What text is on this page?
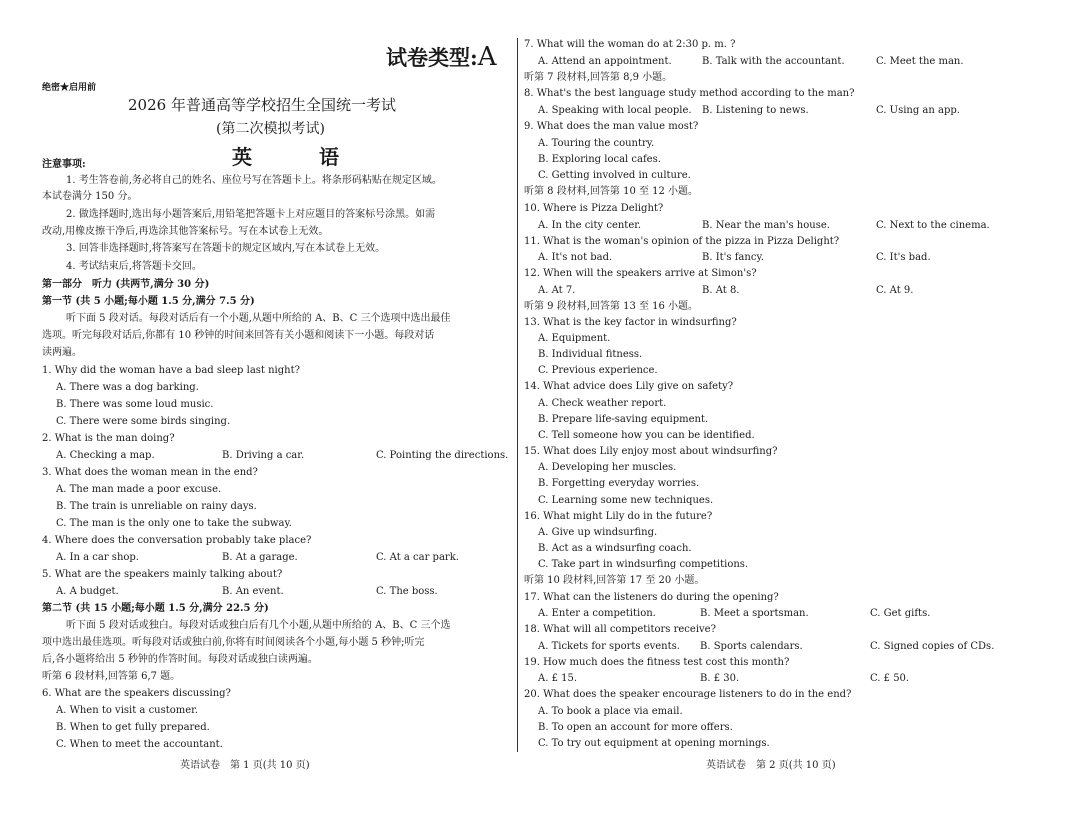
试卷类型:A
绝密★启用前
2026 年普通高等学校招生全国统一考试
(第二次模拟考试)
英 语
注意事项:
1. 考生答卷前,务必将自己的姓名、座位号写在答题卡上。将条形码粘贴在规定区域。
本试卷满分 150 分。
2. 做选择题时,选出每小题答案后,用铅笔把答题卡上对应题目的答案标号涂黑。如需
改动,用橡皮擦干净后,再选涂其他答案标号。写在本试卷上无效。
3. 回答非选择题时,将答案写在答题卡的规定区域内,写在本试卷上无效。
4. 考试结束后,将答题卡交回。
第一部分　听力 (共两节,满分 30 分)
第一节 (共 5 小题;每小题 1.5 分,满分 7.5 分)
听下面 5 段对话。每段对话后有一个小题,从题中所给的 A、B、C 三个选项中选出最佳
选项。听完每段对话后,你都有 10 秒钟的时间来回答有关小题和阅读下一小题。每段对话
读两遍。
1. Why did the woman have a bad sleep last night?
A. There was a dog barking.
B. There was some loud music.
C. There were some birds singing.
2. What is the man doing?
A. Checking a map.	B. Driving a car.	C. Pointing the directions.
3. What does the woman mean in the end?
A. The man made a poor excuse.
B. The train is unreliable on rainy days.
C. The man is the only one to take the subway.
4. Where does the conversation probably take place?
A. In a car shop.	B. At a garage.	C. At a car park.
5. What are the speakers mainly talking about?
A. A budget.	B. An event.	C. The boss.
第二节 (共 15 小题;每小题 1.5 分,满分 22.5 分)
听下面 5 段对话或独白。每段对话或独白后有几个小题,从题中所给的 A、B、C 三个选
项中选出最佳选项。听每段对话或独白前,你将有时间阅读各个小题,每小题 5 秒钟;听完
后,各小题将给出 5 秒钟的作答时间。每段对话或独白读两遍。
听第 6 段材料,回答第 6,7 题。
6. What are the speakers discussing?
A. When to visit a customer.
B. When to get fully prepared.
C. When to meet the accountant.
英语试卷　第 1 页(共 10 页)
7. What will the woman do at 2:30 p. m. ?
A. Attend an appointment.	B. Talk with the accountant.	C. Meet the man.
听第 7 段材料,回答第 8,9 小题。
8. What's the best language study method according to the man?
A. Speaking with local people. B. Listening to news.	C. Using an app.
9. What does the man value most?
A. Touring the country.
B. Exploring local cafes.
C. Getting involved in culture.
听第 8 段材料,回答第 10 至 12 小题。
10. Where is Pizza Delight?
A. In the city center.	B. Near the man's house.	C. Next to the cinema.
11. What is the woman's opinion of the pizza in Pizza Delight?
A. It's not bad.	B. It's fancy.	C. It's bad.
12. When will the speakers arrive at Simon's?
A. At 7.	B. At 8.	C. At 9.
听第 9 段材料,回答第 13 至 16 小题。
13. What is the key factor in windsurfing?
A. Equipment.
B. Individual fitness.
C. Previous experience.
14. What advice does Lily give on safety?
A. Check weather report.
B. Prepare life-saving equipment.
C. Tell someone how you can be identified.
15. What does Lily enjoy most about windsurfing?
A. Developing her muscles.
B. Forgetting everyday worries.
C. Learning some new techniques.
16. What might Lily do in the future?
A. Give up windsurfing.
B. Act as a windsurfing coach.
C. Take part in windsurfing competitions.
听第 10 段材料,回答第 17 至 20 小题。
17. What can the listeners do during the opening?
A. Enter a competition.	B. Meet a sportsman.	C. Get gifts.
18. What will all competitors receive?
A. Tickets for sports events. B. Sports calendars.	C. Signed copies of CDs.
19. How much does the fitness test cost this month?
A. £ 15.	B. £ 30.	C. £ 50.
20. What does the speaker encourage listeners to do in the end?
A. To book a place via email.
B. To open an account for more offers.
C. To try out equipment at opening mornings.
英语试卷　第 2 页(共 10 页)
